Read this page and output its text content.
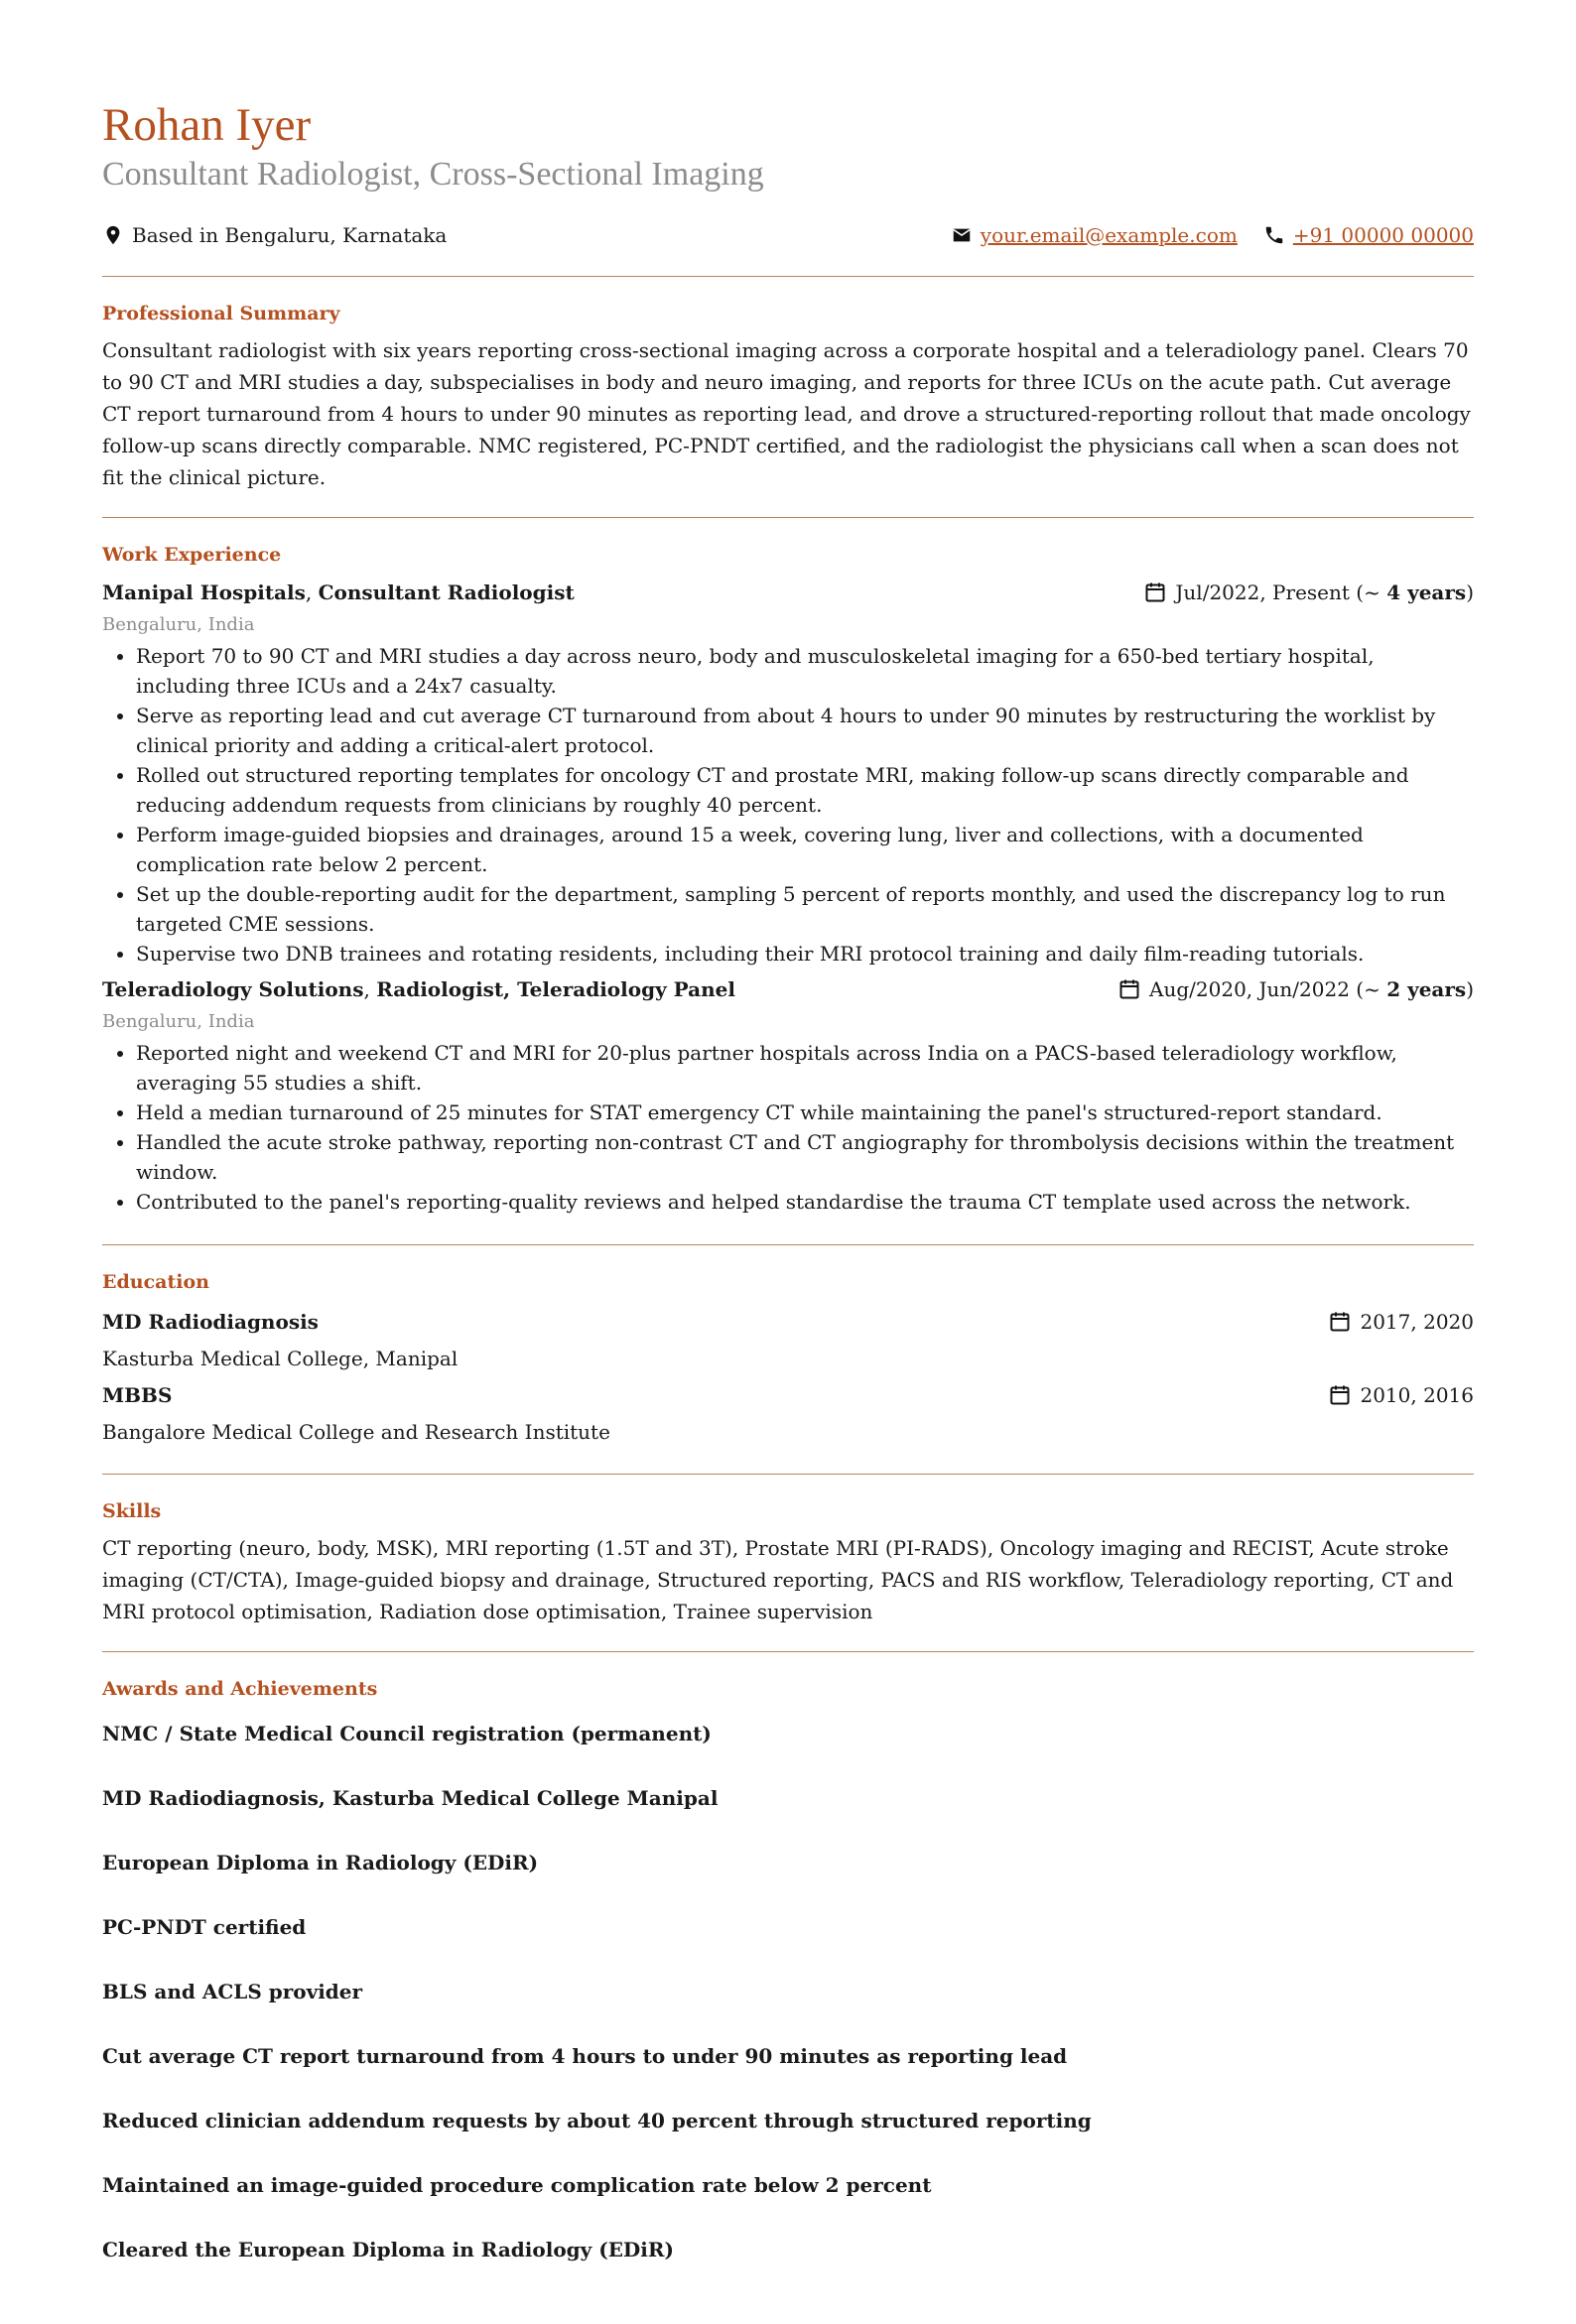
Rohan Iyer
Consultant Radiologist, Cross-Sectional Imaging
Based in Bengaluru, Karnataka	your.email@example.com	+91 00000 00000
Professional Summary

Consultant radiologist with six years reporting cross-sectional imaging across a corporate hospital and a teleradiology panel. Clears 70 to 90 CT and MRI studies a day, subspecialises in body and neuro imaging, and reports for three ICUs on the acute path. Cut average CT report turnaround from 4 hours to under 90 minutes as reporting lead, and drove a structured-reporting rollout that made oncology follow-up scans directly comparable. NMC registered, PC-PNDT certified, and the radiologist the physicians call when a scan does not fit the clinical picture.

Work Experience
Manipal Hospitals, Consultant Radiologist	Jul/2022, Present (~
4 years )
Bengaluru, India
• Report 70 to 90 CT and MRI studies a day across neuro, body and musculoskeletal imaging for a 650-bed tertiary hospital, including three ICUs and a 24x7 casualty.
• Serve as reporting lead and cut average CT turnaround from about 4 hours to under 90 minutes by restructuring the worklist by clinical priority and adding a critical-alert protocol.
• Rolled out structured reporting templates for oncology CT and prostate MRI, making follow-up scans directly comparable and reducing addendum requests from clinicians by roughly 40 percent.
• Perform image-guided biopsies and drainages, around 15 a week, covering lung, liver and collections, with a documented complication rate below 2 percent.
• Set up the double-reporting audit for the department, sampling 5 percent of reports monthly, and used the discrepancy log to run targeted CME sessions.
• Supervise two DNB trainees and rotating residents, including their MRI protocol training and daily film-reading tutorials.
Teleradiology Solutions, Radiologist, Teleradiology Panel	Aug/2020, Jun/2022 (~
2 years )
Bengaluru, India
• Reported night and weekend CT and MRI for 20-plus partner hospitals across India on a PACS-based teleradiology workflow, averaging 55 studies a shift.
• Held a median turnaround of 25 minutes for STAT emergency CT while maintaining the panel's structured-report standard.
• Handled the acute stroke pathway, reporting non-contrast CT and CT angiography for thrombolysis decisions within the treatment window.
• Contributed to the panel's reporting-quality reviews and helped standardise the trauma CT template used across the network.
Education
MD Radiodiagnosis	2017, 2020
Kasturba Medical College, Manipal
MBBS	2010, 2016
Bangalore Medical College and Research Institute
Skills

CT reporting (neuro, body, MSK), MRI reporting (1.5T and 3T), Prostate MRI (PI-RADS), Oncology imaging and RECIST, Acute stroke imaging (CT/CTA), Image-guided biopsy and drainage, Structured reporting, PACS and RIS workflow, Teleradiology reporting, CT and MRI protocol optimisation, Radiation dose optimisation, Trainee supervision

Awards and Achievements
NMC / State Medical Council registration (permanent)
MD Radiodiagnosis, Kasturba Medical College Manipal
European Diploma in Radiology (EDiR)
PC-PNDT certified
BLS and ACLS provider
Cut average CT report turnaround from 4 hours to under 90 minutes as reporting lead
Reduced clinician addendum requests by about 40 percent through structured reporting
Maintained an image-guided procedure complication rate below 2 percent
Cleared the European Diploma in Radiology (EDiR)
